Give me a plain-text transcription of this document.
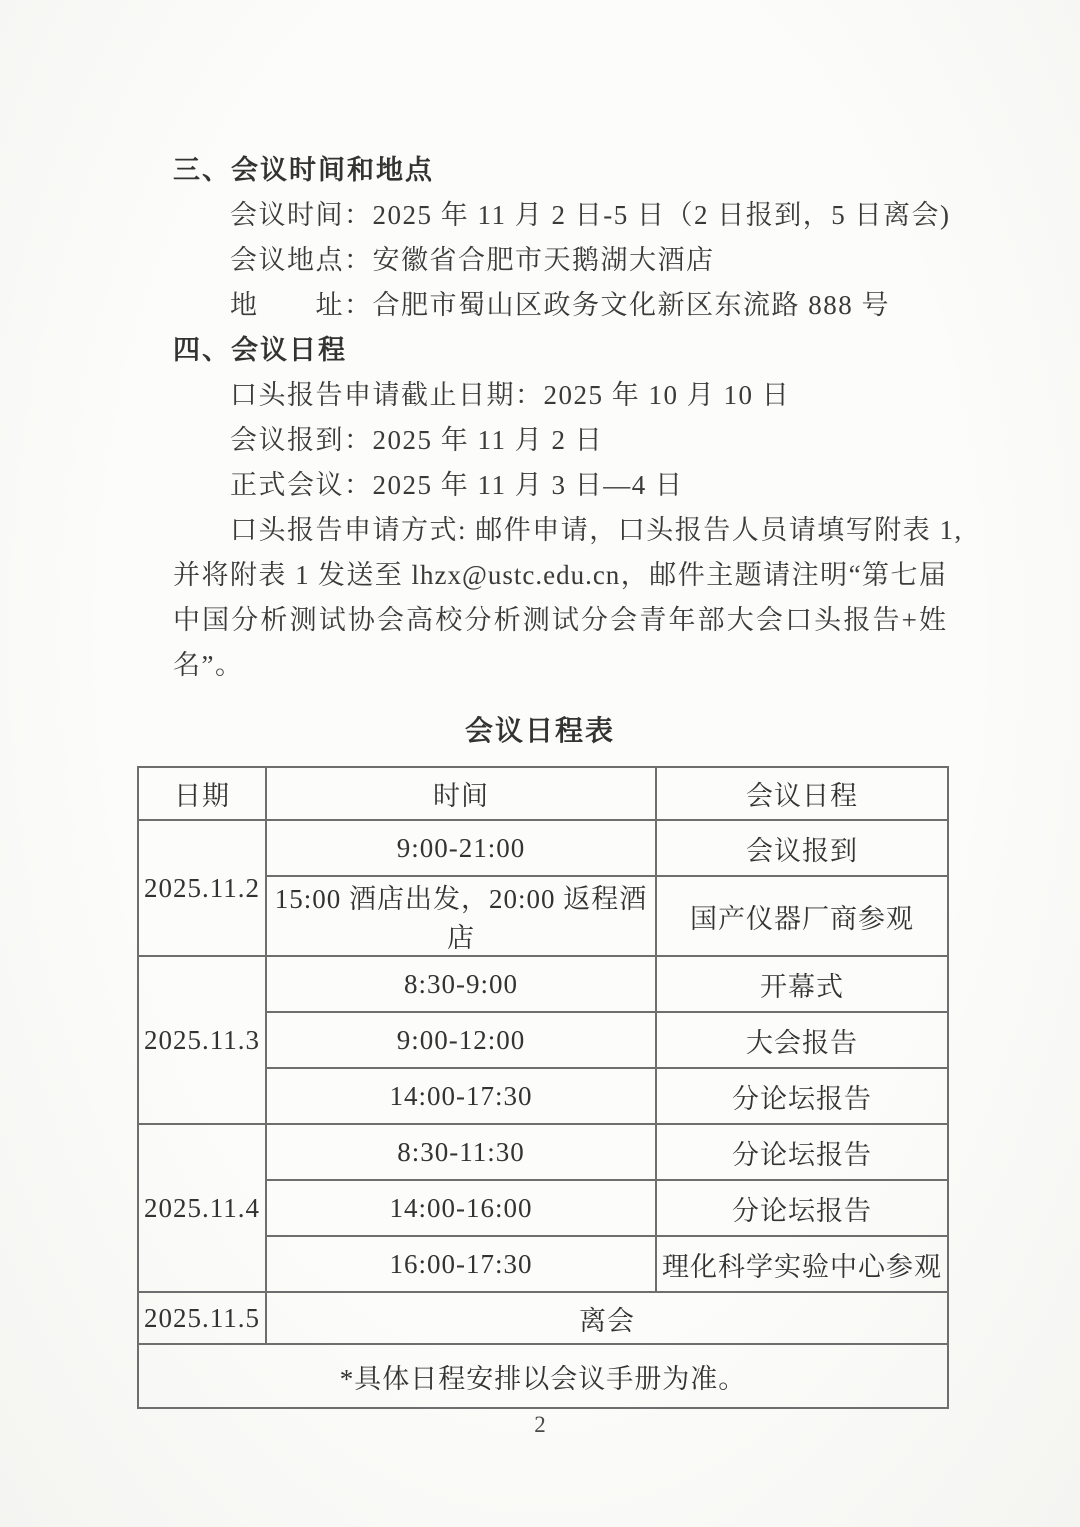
三、会议时间和地点
会议时间：2025 年 11 月 2 日-5 日（2 日报到，5 日离会)
会议地点：安徽省合肥市天鹅湖大酒店
地　　址：合肥市蜀山区政务文化新区东流路 888 号
四、会议日程
口头报告申请截止日期：2025 年 10 月 10 日
会议报到：2025 年 11 月 2 日
正式会议：2025 年 11 月 3 日—4 日
口头报告申请方式: 邮件申请，口头报告人员请填写附表 1,
并将附表 1 发送至 lhzx@ustc.edu.cn，邮件主题请注明“第七届
中国分析测试协会高校分析测试分会青年部大会口头报告+姓
名”。
会议日程表
日期	时间	会议日程
2025.11.2	9:00-21:00	会议报到
	15:00 酒店出发，20:00 返程酒店	国产仪器厂商参观
2025.11.3	8:30-9:00	开幕式
	9:00-12:00	大会报告
	14:00-17:30	分论坛报告
2025.11.4	8:30-11:30	分论坛报告
	14:00-16:00	分论坛报告
	16:00-17:30	理化科学实验中心参观
2025.11.5	离会	
*具体日程安排以会议手册为准。		
2
